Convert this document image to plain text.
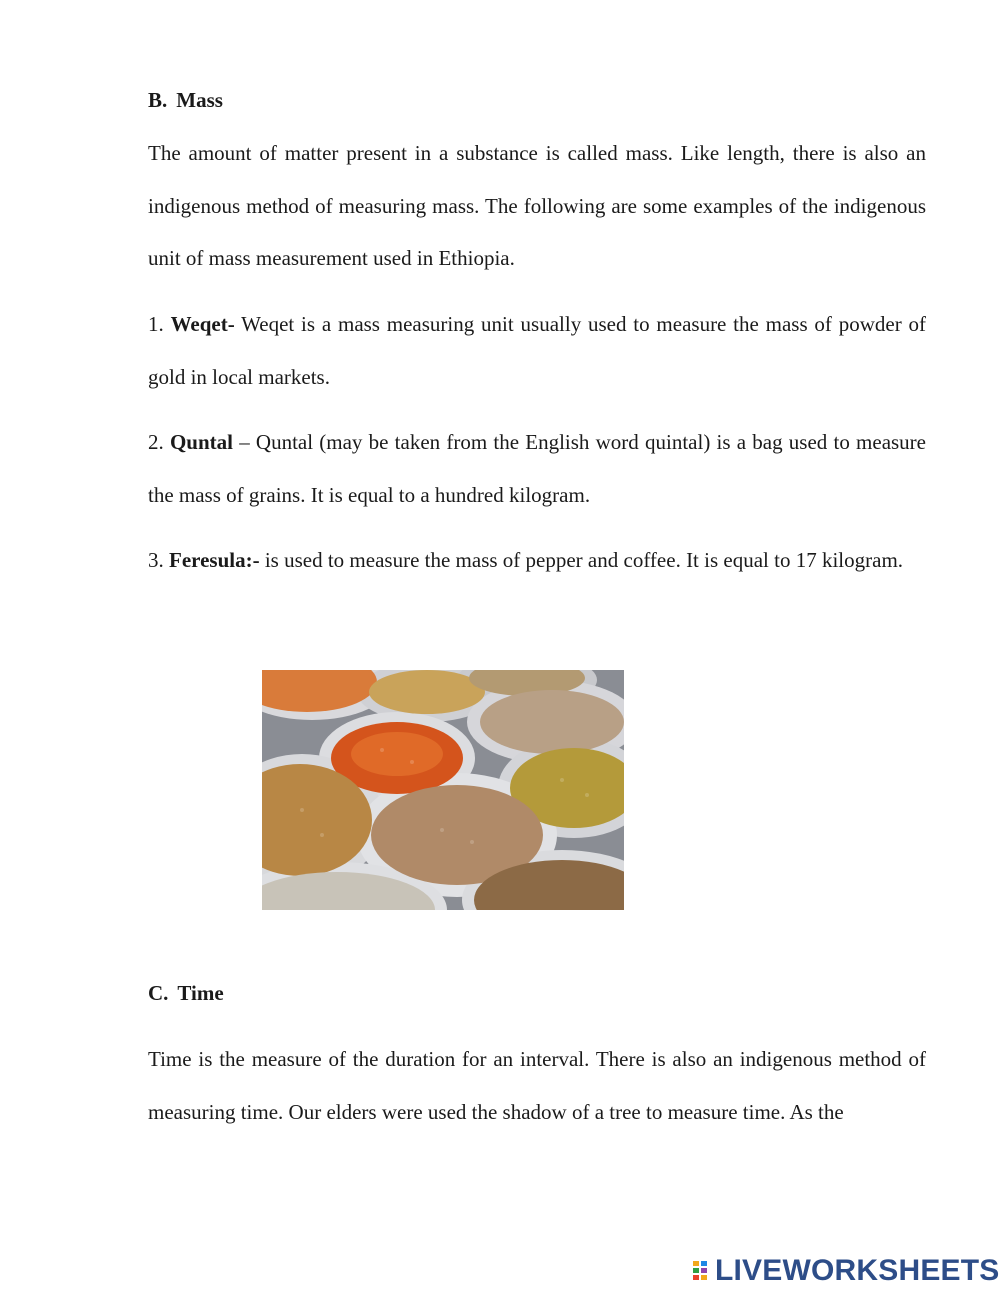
B. Mass

The amount of matter present in a substance is called mass. Like length, there is also an indigenous method of measuring mass. The following are some examples of the indigenous unit of mass measurement used in Ethiopia.

1. Weqet- Weqet is a mass measuring unit usually used to measure the mass of powder of gold in local markets.

2. Quntal – Quntal (may be taken from the English word quintal) is a bag used to measure the mass of grains. It is equal to a hundred kilogram.

3. Feresula:- is used to measure the mass of pepper and coffee. It is equal to 17 kilogram.

C. Time

Time is the measure of the duration for an interval. There is also an indigenous method of measuring time. Our elders were used the shadow of a tree to measure time. As the

LIVEWORKSHEETS
